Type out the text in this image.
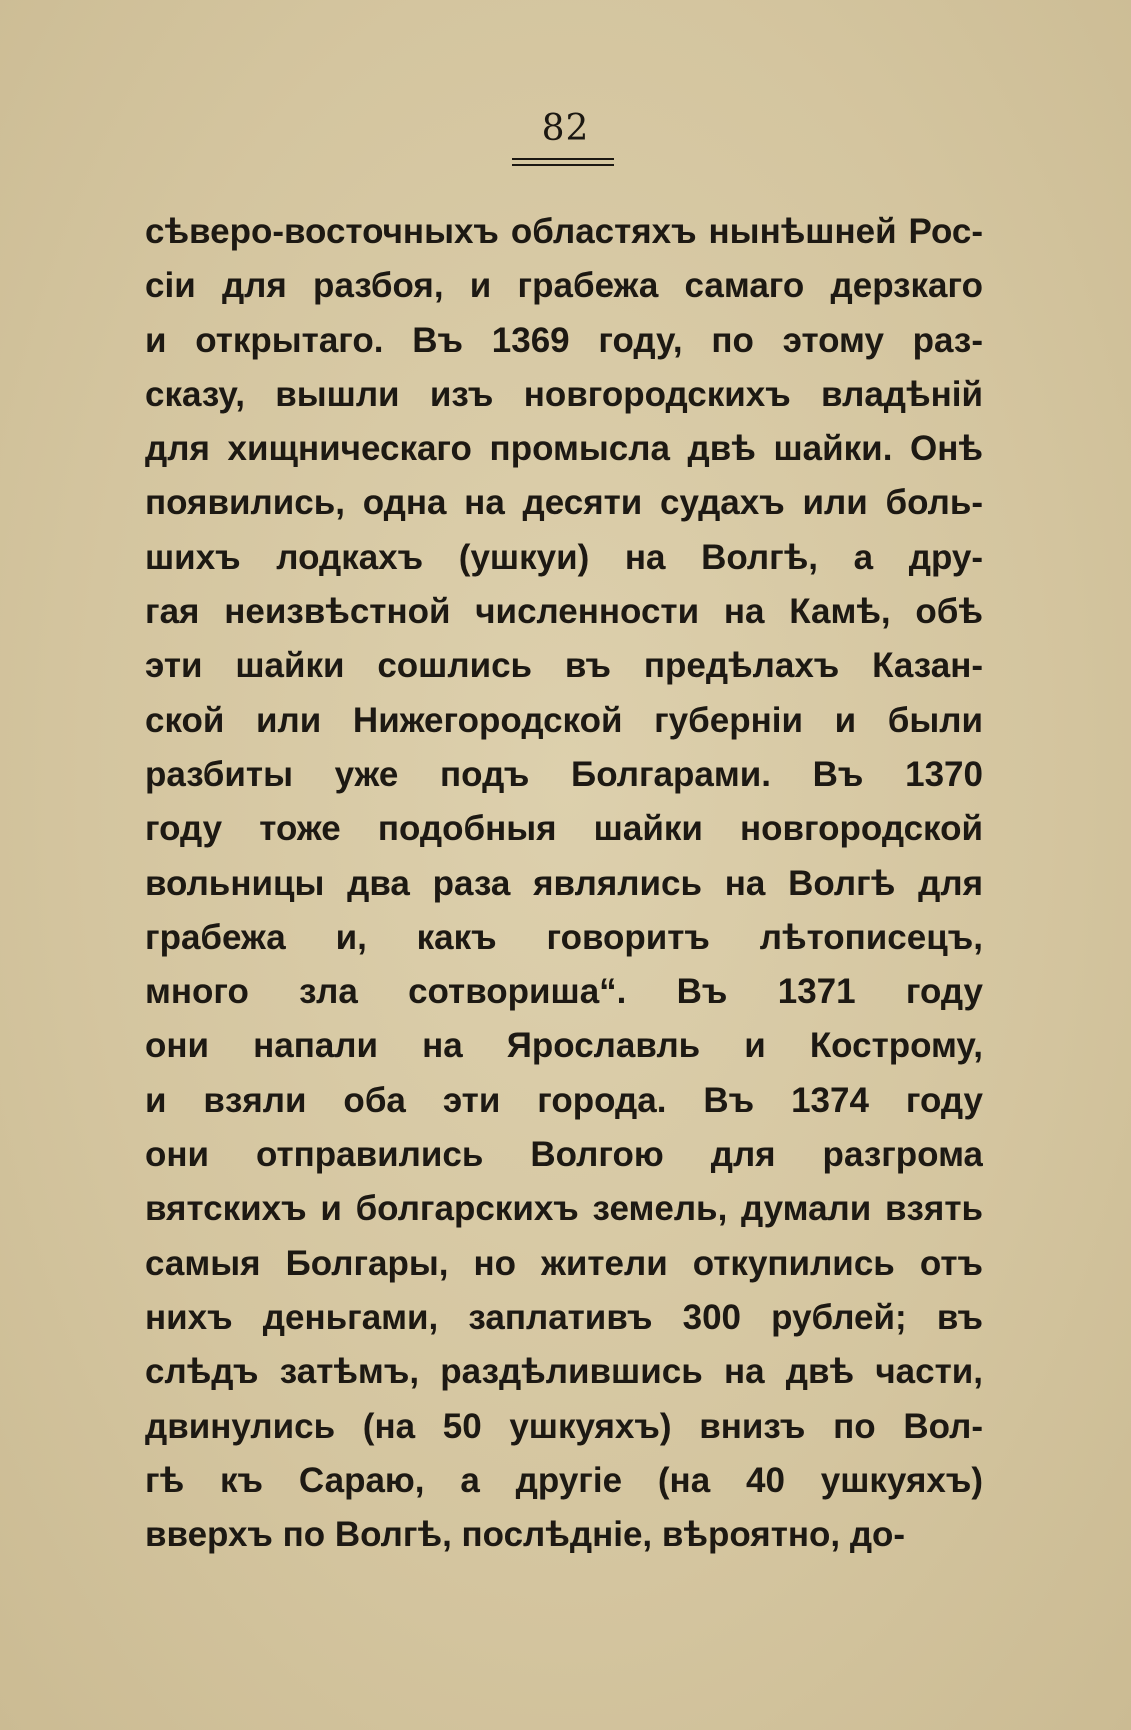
82
сѣверо-восточныхъ областяхъ нынѣшней Рос-
сіи для разбоя, и грабежа самаго дерзкаго
и открытаго. Въ 1369 году, по этому раз-
сказу, вышли изъ новгородскихъ владѣній
для хищническаго промысла двѣ шайки. Онѣ
появились, одна на десяти судахъ или боль-
шихъ лодкахъ (ушкуи) на Волгѣ, а дру-
гая неизвѣстной численности на Камѣ, обѣ
эти шайки сошлись въ предѣлахъ Казан-
ской или Нижегородской губерніи и были
разбиты уже подъ Болгарами. Въ 1370
году тоже подобныя шайки новгородской
вольницы два раза являлись на Волгѣ для
грабежа и, какъ говоритъ лѣтописецъ,
много зла сотвориша“. Въ 1371 году
они напали на Ярославль и Кострому,
и взяли оба эти города. Въ 1374 году
они отправились Волгою для разгрома
вятскихъ и болгарскихъ земель, думали взять
самыя Болгары, но жители откупились отъ
нихъ деньгами, заплативъ 300 рублей; въ
слѣдъ затѣмъ, раздѣлившись на двѣ части,
двинулись (на 50 ушкуяхъ) внизъ по Вол-
гѣ къ Сараю, а другіе (на 40 ушкуяхъ)
вверхъ по Волгѣ, послѣдніе, вѣроятно, до-
